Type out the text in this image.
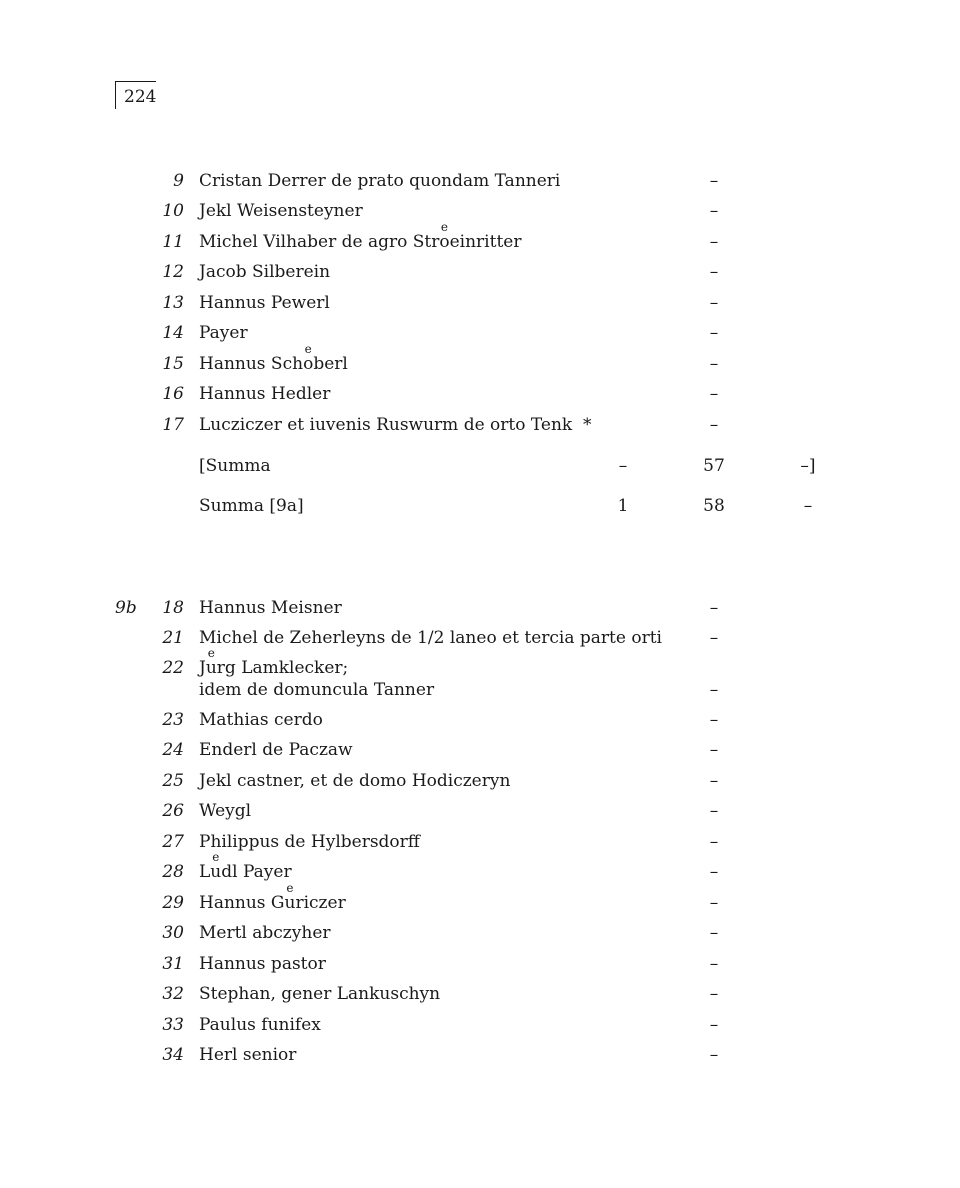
224
9 Cristan Derrer de prato quondam Tanneri	–
10 Jekl Weisensteyner	–
11 Michel Vilhaber de agro Str
e
oeinritter	–
12 Jacob Silberein	–
13 Hannus Pewerl	–
14 Payer	–
15 Hannus Sch
e
oberl	–
16 Hannus Hedler	–
17 Lucziczer et iuvenis Ruswurm de orto Tenk  *	–
[Summa	–	57	–]
Summa [9a]	1	58	–
9b	18 Hannus Meisner	–
21 Michel de Zeherleyns de 1/2 laneo et tercia parte orti	–
22 J
e
urg Lamklecker;
idem de domuncula Tanner	–
23 Mathias cerdo	–
24 Enderl de Paczaw	–
25 Jekl castner, et de domo Hodiczeryn	–
26 Weygl	–
27 Philippus de Hylbersdorff	–
28 L
e
udl Payer	–
29 Hannus G
e
uriczer	–
30 Mertl abczyher	–
31 Hannus pastor	–
32 Stephan, gener Lankuschyn	–
33 Paulus funifex	–
34 Herl senior	–
